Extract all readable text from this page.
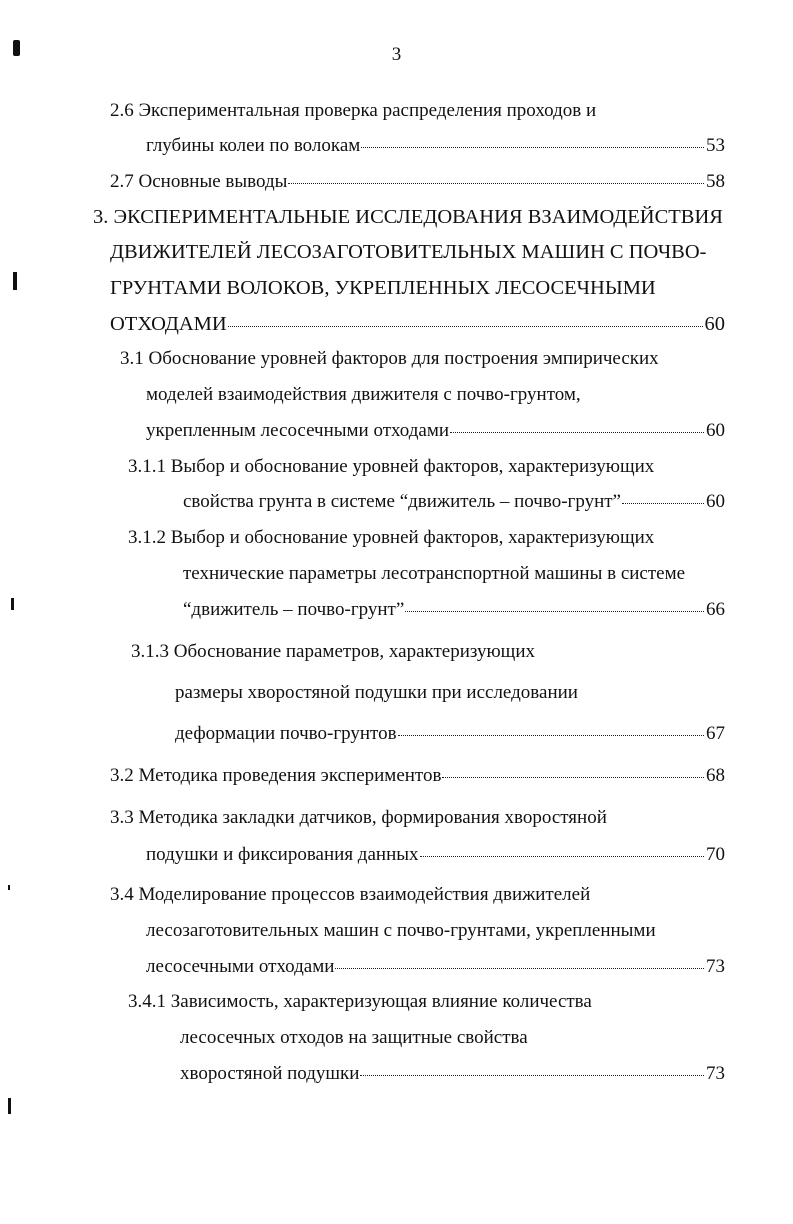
3
2.6 Экспериментальная проверка распределения проходов и
глубины колеи по волокам	53
2.7 Основные выводы	58
3. ЭКСПЕРИМЕНТАЛЬНЫЕ ИССЛЕДОВАНИЯ ВЗАИМОДЕЙСТВИЯ
ДВИЖИТЕЛЕЙ ЛЕСОЗАГОТОВИТЕЛЬНЫХ МАШИН С ПОЧВО-
ГРУНТАМИ ВОЛОКОВ, УКРЕПЛЕННЫХ ЛЕСОСЕЧНЫМИ
ОТХОДАМИ	60
3.1 Обоснование уровней факторов для построения эмпирических
моделей взаимодействия движителя с почво-грунтом,
укрепленным лесосечными отходами	60
3.1.1 Выбор и обоснование уровней факторов, характеризующих
свойства грунта в системе “движитель – почво-грунт”	60
3.1.2 Выбор и обоснование уровней факторов, характеризующих
технические параметры лесотранспортной машины в системе
“движитель – почво-грунт”	66
3.1.3 Обоснование параметров, характеризующих
размеры хворостяной подушки при исследовании
деформации почво-грунтов	67
3.2 Методика проведения экспериментов	68
3.3 Методика закладки датчиков, формирования хворостяной
подушки и фиксирования данных	70
3.4 Моделирование процессов взаимодействия движителей
лесозаготовительных машин с почво-грунтами, укрепленными
лесосечными отходами	73
3.4.1 Зависимость, характеризующая влияние количества
лесосечных отходов на защитные свойства
хворостяной подушки	73
